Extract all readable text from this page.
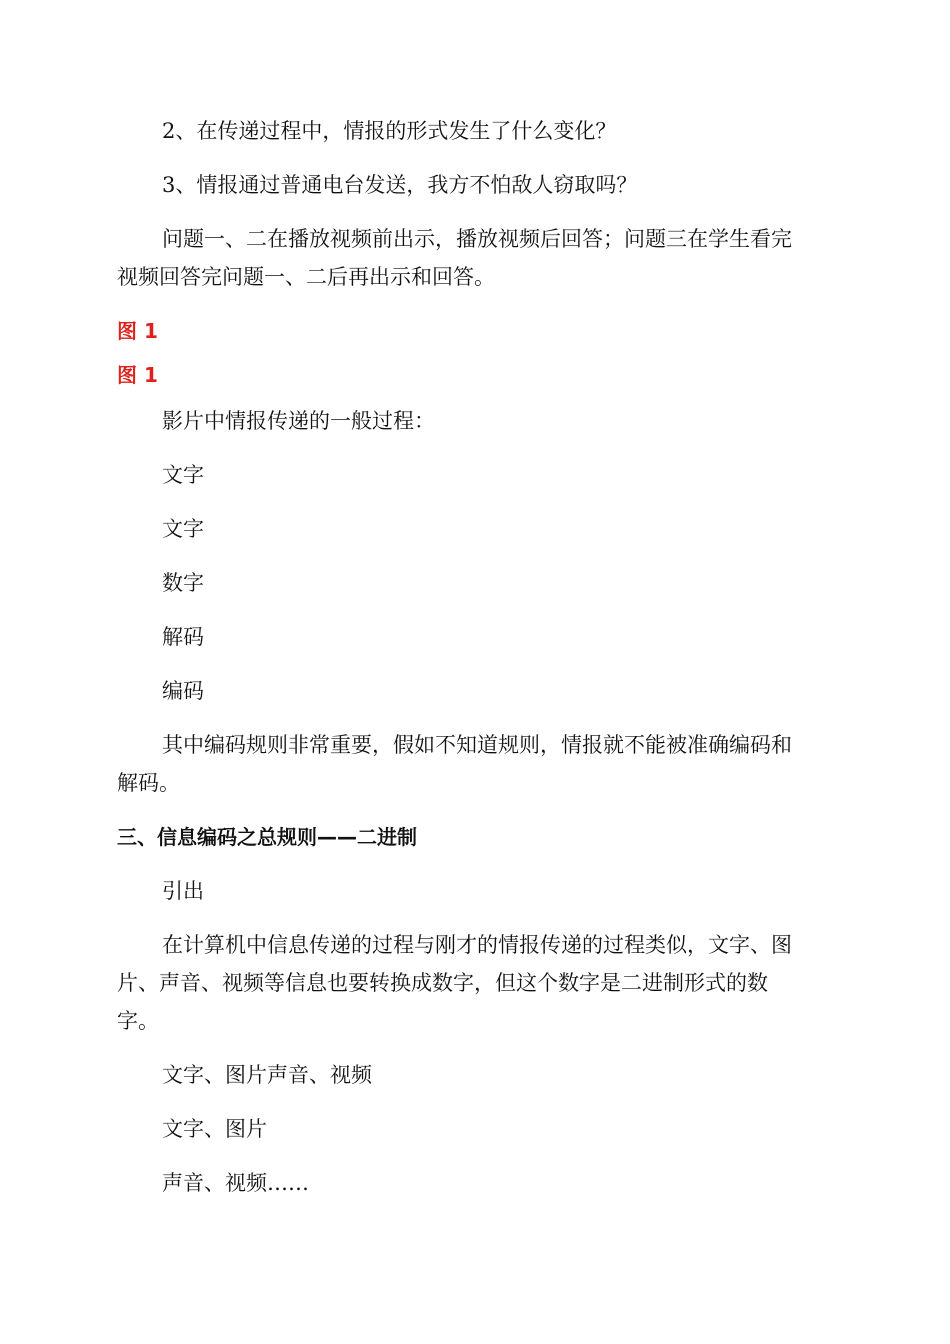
2、在传递过程中，情报的形式发生了什么变化？

3、情报通过普通电台发送，我方不怕敌人窃取吗？

问题一、二在播放视频前出示，播放视频后回答；问题三在学生看完

视频回答完问题一、二后再出示和回答。

图 1

图 1

影片中情报传递的一般过程：

文字

文字

数字

解码

编码

其中编码规则非常重要，假如不知道规则，情报就不能被准确编码和

解码。

三、信息编码之总规则——二进制

引出

在计算机中信息传递的过程与刚才的情报传递的过程类似，文字、图

片、声音、视频等信息也要转换成数字，但这个数字是二进制形式的数

字。

文字、图片声音、视频

文字、图片

声音、视频……
